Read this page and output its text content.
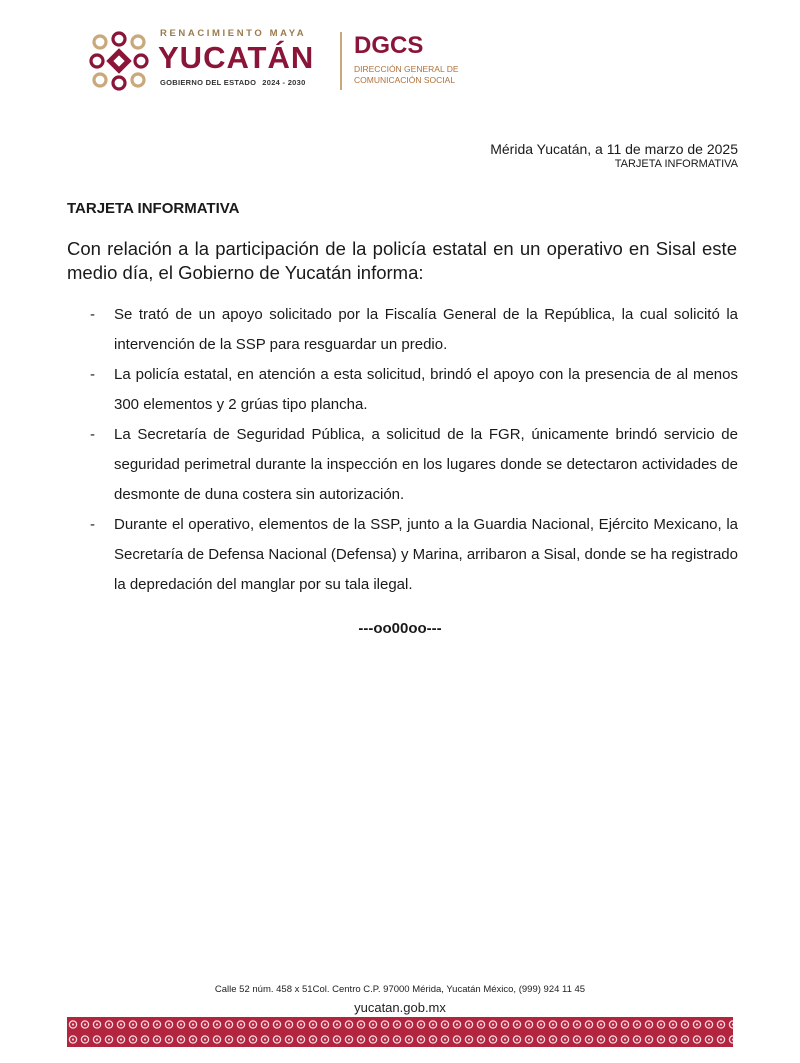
RENACIMIENTO MAYA
YUCATÁN
GOBIERNO DEL ESTADO 2024 - 2030
DGCS
DIRECCIÓN GENERAL DE
COMUNICACIÓN SOCIAL
Mérida Yucatán, a 11 de marzo de 2025
TARJETA INFORMATIVA
TARJETA INFORMATIVA
Con relación a la participación de la policía estatal en un operativo en Sisal este medio día, el Gobierno de Yucatán informa:
- Se trató de un apoyo solicitado por la Fiscalía General de la República, la cual solicitó la intervención de la SSP para resguardar un predio.
- La policía estatal, en atención a esta solicitud, brindó el apoyo con la presencia de al menos 300 elementos y 2 grúas tipo plancha.
- La Secretaría de Seguridad Pública, a solicitud de la FGR, únicamente brindó servicio de seguridad perimetral durante la inspección en los lugares donde se detectaron actividades de desmonte de duna costera sin autorización.
- Durante el operativo, elementos de la SSP, junto a la Guardia Nacional, Ejército Mexicano, la Secretaría de Defensa Nacional (Defensa) y Marina, arribaron a Sisal, donde se ha registrado la depredación del manglar por su tala ilegal.
---oo00oo---
Calle 52 núm. 458 x 51Col. Centro C.P. 97000 Mérida, Yucatán México, (999) 924 11 45
yucatan.gob.mx
